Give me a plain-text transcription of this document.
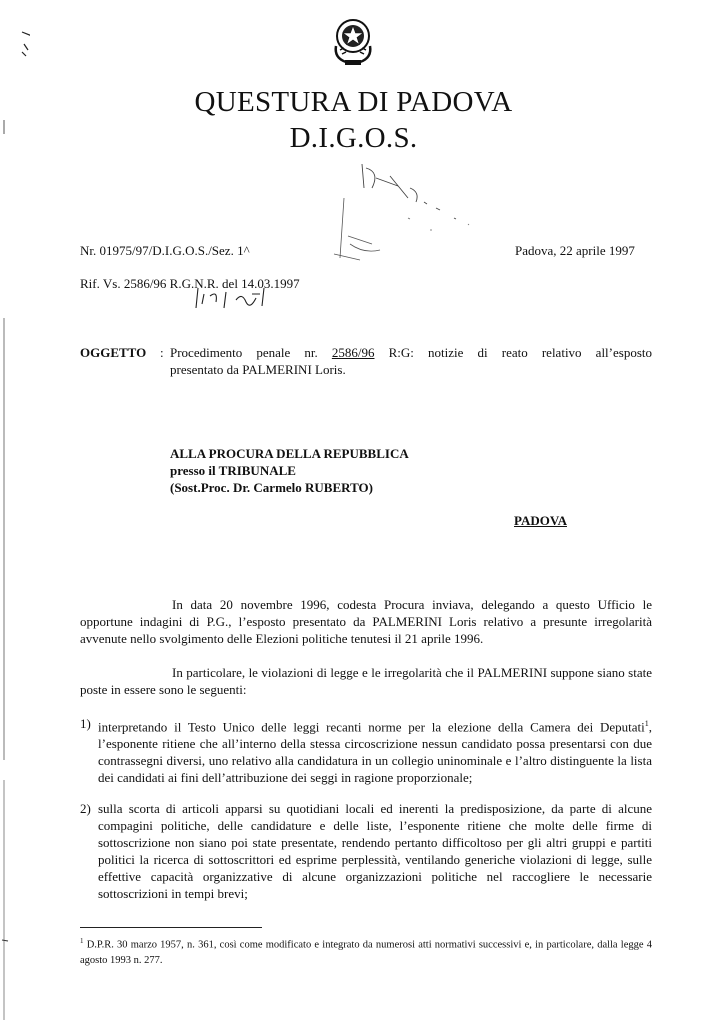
QUESTURA DI PADOVA
D.I.G.O.S.
Nr. 01975/97/D.I.G.O.S./Sez. 1^	Padova, 22 aprile 1997
Rif. Vs. 2586/96 R.G.N.R. del 14.03.1997
OGGETTO : Procedimento penale nr. 2586/96 R:G: notizie di reato relativo all’esposto
presentato da PALMERINI Loris.
ALLA PROCURA DELLA REPUBBLICA
presso il TRIBUNALE
(Sost.Proc. Dr. Carmelo RUBERTO)
PADOVA
In data 20 novembre 1996, codesta Procura inviava, delegando a questo Ufficio le opportune indagini di P.G., l’esposto presentato da PALMERINI Loris relativo a presunte irregolarità avvenute nello svolgimento delle Elezioni politiche tenutesi il 21 aprile 1996.
In particolare, le violazioni di legge e le irregolarità che il PALMERINI suppone siano state poste in essere sono le seguenti:
1) interpretando il Testo Unico delle leggi recanti norme per la elezione della Camera dei Deputati$^1$, l’esponente ritiene che all’interno della stessa circoscrizione nessun candidato possa presentarsi con due contrassegni diversi, uno relativo alla candidatura in un collegio uninominale e l’altro distinguente la lista dei candidati ai fini dell’attribuzione dei seggi in ragione proporzionale;
2) sulla scorta di articoli apparsi su quotidiani locali ed inerenti la predisposizione, da parte di alcune compagini politiche, delle candidature e delle liste, l’esponente ritiene che molte delle firme di sottoscrizione non siano poi state presentate, rendendo pertanto difficoltoso per gli altri gruppi e partiti politici la ricerca di sottoscrittori ed esprime perplessità, ventilando generiche violazioni di legge, sulle effettive capacità organizzative di alcune organizzazioni politiche nel raccogliere le necessarie sottoscrizioni in tempi brevi;
$^1$ D.P.R. 30 marzo 1957, n. 361, così come modificato e integrato da numerosi atti normativi successivi e, in particolare, dalla legge 4 agosto 1993 n. 277.
